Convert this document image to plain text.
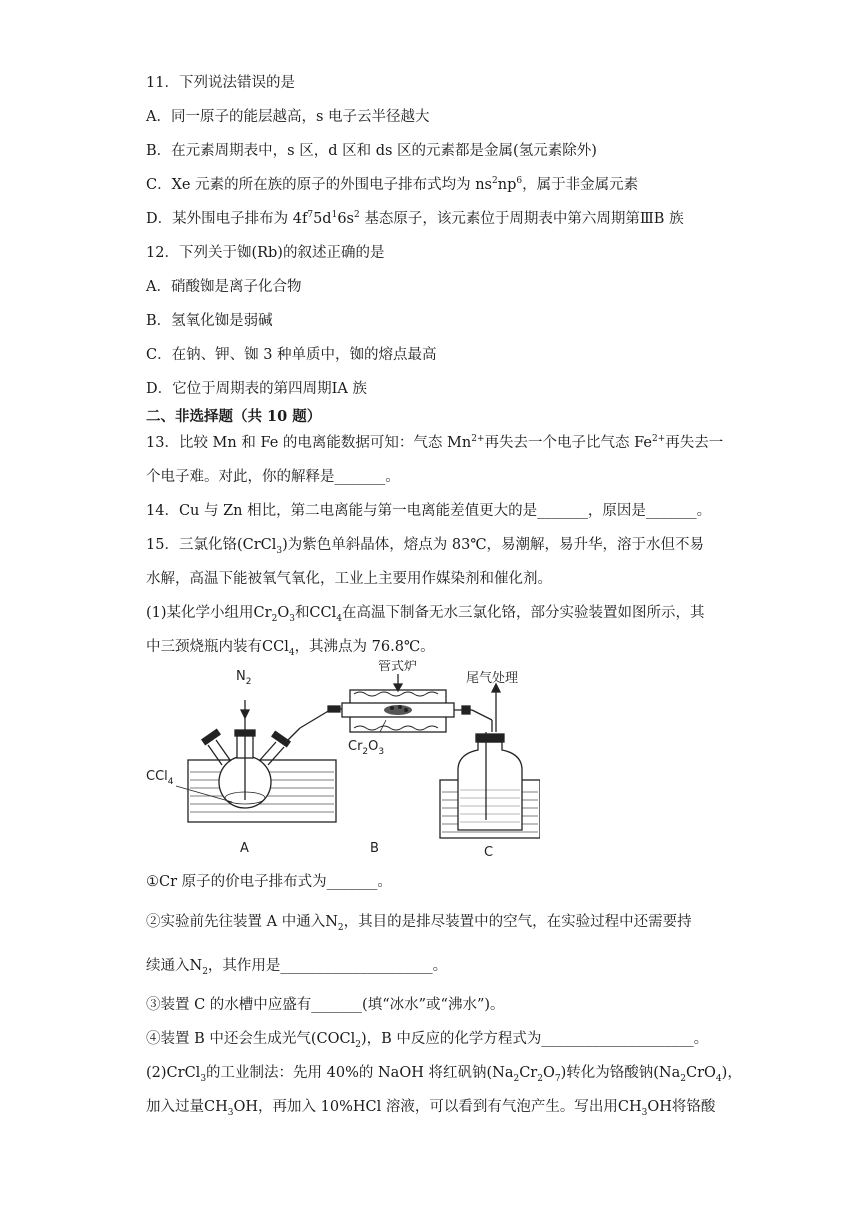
11．下列说法错误的是
A．同一原子的能层越高，s 电子云半径越大
B．在元素周期表中，s 区，d 区和 ds 区的元素都是金属(氢元素除外)
C．Xe 元素的所在族的原子的外围电子排布式均为 $ns^2np^6$，属于非金属元素
D．某外围电子排布为 $4f^75d^16s^2$ 基态原子，该元素位于周期表中第六周期第ⅢB 族
12．下列关于铷(Rb)的叙述正确的是
A．硝酸铷是离子化合物
B．氢氧化铷是弱碱
C．在钠、钾、铷 3 种单质中，铷的熔点最高
D．它位于周期表的第四周期ⅠA 族
二、非选择题（共 10 题）
13．比较 Mn 和 Fe 的电离能数据可知：气态 $Mn^{2+}$再失去一个电子比气态 $Fe^{2+}$再失去一
个电子难。对此，你的解释是_______。
14．Cu 与 Zn 相比，第二电离能与第一电离能差值更大的是_______，原因是_______。
15．三氯化铬(CrCl$_3$)为紫色单斜晶体，熔点为 83℃，易潮解，易升华，溶于水但不易
水解，高温下能被氧气氧化，工业上主要用作媒染剂和催化剂。
(1)某化学小组用$Cr_2O_3$和CCl$_4$在高温下制备无水三氯化铬，部分实验装置如图所示，其
中三颈烧瓶内装有CCl$_4$，其沸点为 76.8℃。
$N_2$
管式炉
尾气处理
CCl$_4$
$Cr_2O_3$
A	B	C
①Cr 原子的价电子排布式为_______。
②实验前先往装置 A 中通入$N_2$，其目的是排尽装置中的空气，在实验过程中还需要持
续通入$N_2$，其作用是_____________________。
③装置 C 的水槽中应盛有_______(填“冰水”或“沸水”)。
④装置 B 中还会生成光气(COCl$_2$)，B 中反应的化学方程式为_____________________。
(2)CrCl$_3$的工业制法：先用 40%的 NaOH 将红矾钠$(Na_2Cr_2O_7)$转化为铬酸钠$(Na_2CrO_4)$，
加入过量$CH_3OH$，再加入 10%HCl 溶液，可以看到有气泡产生。写出用$CH_3OH$将铬酸
